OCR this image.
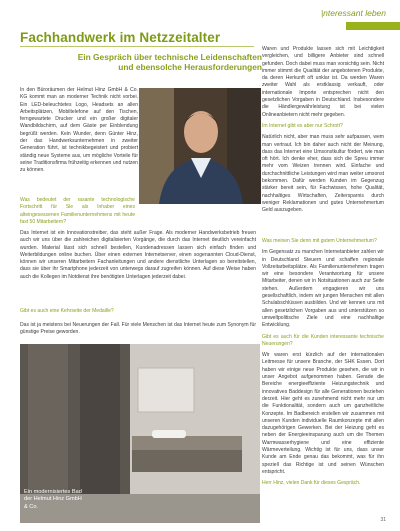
|nteressant leben
Fachhandwerk im Netzzeitalter
Ein Gespräch über technische Leidenschaften und ebensolche Herausforderungen

In den Büroräumen der Helmut Hinz GmbH & Co. KG kommt man an moderner Technik nicht vorbei. Ein LED-beleuchtetes Logo, Headsets an allen Arbeitsplätzen, Mobiltelefone auf den Tischen, ferngewartete Drucker und ein großer digitaler Wandbildschirm, auf dem Gäste per Einblendung begrüßt werden. Kein Wunder, denn Günter Hinz, der das Handwerksunternehmen in zweiter Generation führt, ist technikbegeistert und probiert ständig neue Systeme aus, um mögliche Vorteile für seine Traditionsfirma frühzeitig erkennen und nutzen zu können.

Was bedeutet der rasante technologische Fortschritt für Sie als Inhaber eines alteingesessenen Familienunternehmens mit heute fast 50 Mitarbeitern?

Das Internet ist ein Innovationstreiber, das steht außer Frage. Als moderner Handwerksbetrieb freuen auch wir uns über die zahlreichen digitalisierten Vorgänge, die durch das Internet deutlich vereinfacht wurden. Material lässt sich schnell bestellen, Kundenadressen lassen sich einfach finden und Weiterbildungen online buchen. Über einen externen Internetserver, einen sogenannten Cloud-Dienst, können wir unseren Mitarbeitern Fachanleitungen und andere dienstliche Unterlagen so bereitstellen, dass sie über ihr Smartphone jederzeit von unterwegs darauf zugreifen können. Auf diese Weise haben auch die Kollegen im Notdienst ihre benötigten Unterlagen jederzeit dabei.

Gibt es auch eine Kehrseite der Medaille?

Das ist ja meistens bei Neuerungen der Fall. Für viele Menschen ist das Internet heute zum Synonym für günstige Preise geworden.

Waren und Produkte lassen sich mit Leichtigkeit vergleichen, und billigere Anbieter sind schnell gefunden. Doch dabei muss man vorsichtig sein. Nicht immer stimmt die Qualität der angebotenen Produkte, da deren Herkunft oft unklar ist. Da werden Waren zweiter Wahl als erstklassig verkauft, oder internationale Importe entsprechen nicht den gesetzlichen Vorgaben in Deutschland. Insbesondere die Händlergewährleistung ist bei vielen Onlineanbietern nicht mehr gegeben.

Im Internet gibt es aber nur Schrott?

Natürlich nicht, aber man muss sehr aufpassen, wem man vertraut. Ich bin daher auch nicht der Meinung, dass das Internet eine Umsonstkultur fördert, wie man oft hört. Ich denke eher, dass sich die Spreu immer mehr vom Weizen trennen wird. Einfache und durchschnittliche Leistungen wird man weiter umsonst bekommen. Dafür werden Kunden im Gegenzug stärker bereit sein, für Fachwissen, hohe Qualität, nachhaltiges Wirtschaften, Zeitersparnis durch weniger Reklamationen und gutes Unternehmertum Geld auszugeben.

Was meinen Sie denn mit gutem Unternehmertum?

Im Gegensatz zu manchen Internetanbieter zahlen wir in Deutschland Steuern und schaffen regionale Vollzeitarbeitsplätze. Als Familienunternehmen tragen wir eine besondere Verantwortung für unsere Mitarbeiter, denen wir in Notsituationen auch zur Seite stehen. Außerdem engagieren wir uns gesellschaftlich, indem wir jungen Menschen mit allen Schulabschlüssen ausbilden. Und wir kennen uns mit allen gesetzlichen Vorgaben aus und unterstützen so umweltpolitische Ziele und eine nachhaltige Entwicklung.

Gibt es auch für die Kunden interessante technische Neuerungen?

Wir waren erst kürzlich auf der internationalen Leitmesse für unsere Branche, der SHK Essen. Dort haben wir einige neue Produkte gesehen, die wir in unser Angebot aufgenommen haben. Gerade die Bereiche energieeffiziente Heizungstechnik und innovatives Baddesign für alle Generationen beziehen derzeit. Hier geht es zunehmend nicht mehr nur um die Funktionalität, sondern auch um ganzheitliche Konzepte. Im Badbereich erstellen wir zusammen mit unseren Kunden individuelle Raumkonzepte mit allen dazugehörigen Gewerken. Bei der Heizung geht es neben der Energieeinsparung auch um die Themen Warmwasserhygiene und eine effiziente Wärmeverteilung. Wichtig ist für uns, dass unser Kunde am Ende genau das bekommt, was für ihn speziell das Richtige ist und seinen Wünschen entspricht.

Herr Hinz, vielen Dank für dieses Gespräch.

Ein modernisiertes Bad der Helmut Hinz GmbH & Co.
31
